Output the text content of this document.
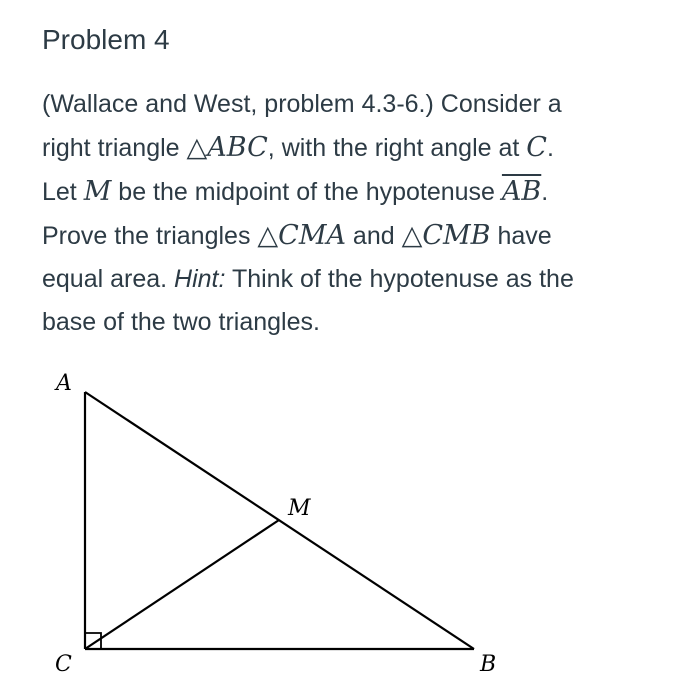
Problem 4
(Wallace and West, problem 4.3-6.) Consider a
right triangle △ABC, with the right angle at C.
Let M be the midpoint of the hypotenuse $\overline{AB}$.
Prove the triangles △CMA and △CMB have
equal area. Hint: Think of the hypotenuse as the
base of the two triangles.
A
C	B
M
